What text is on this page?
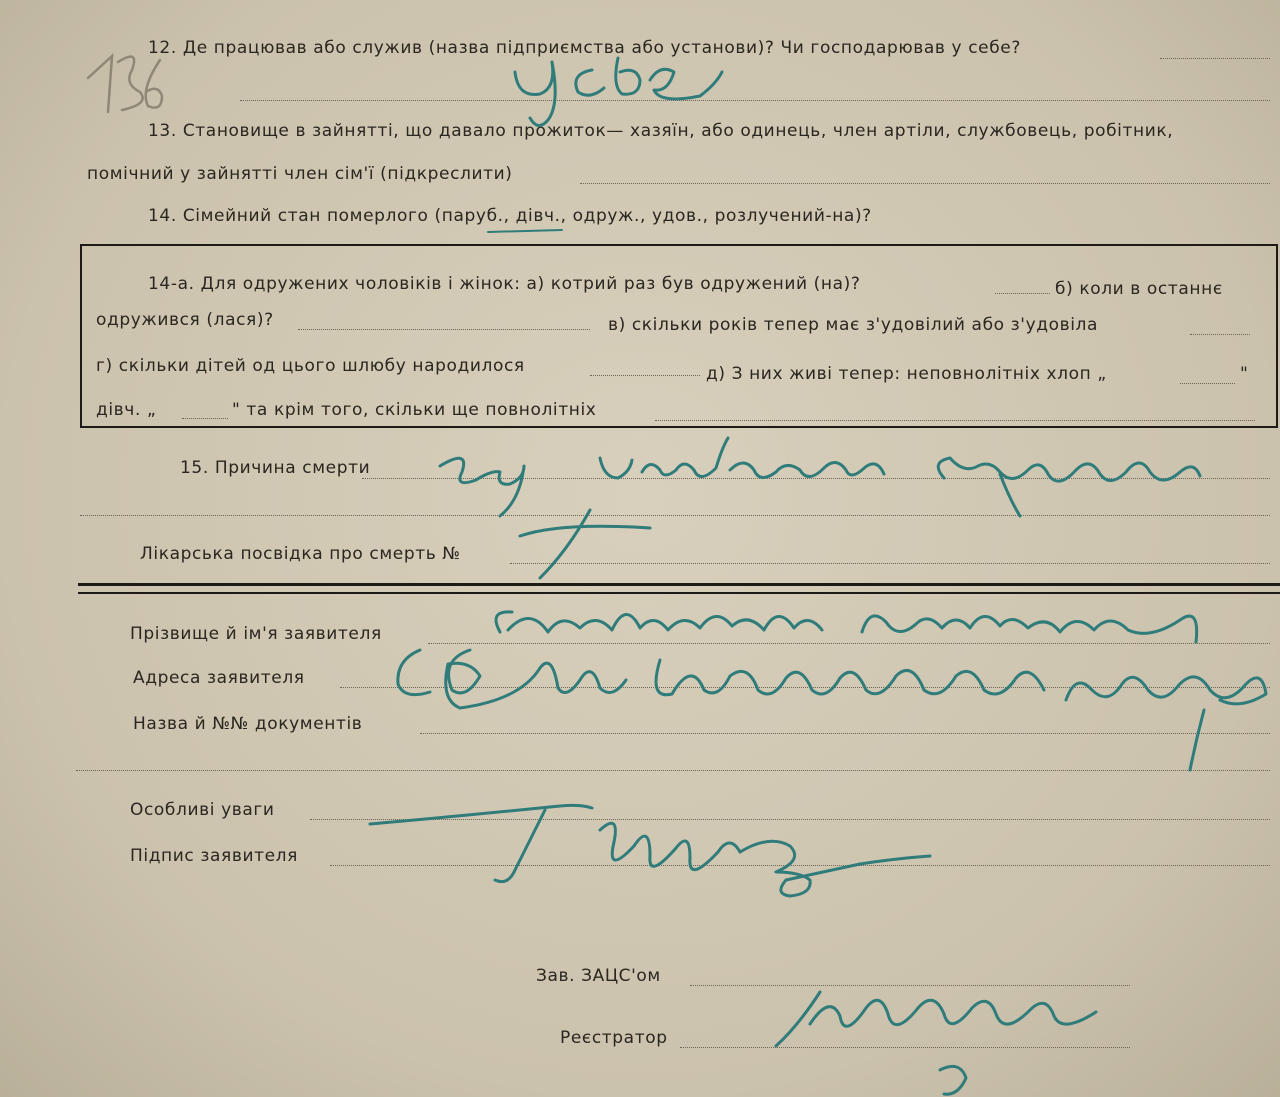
12. Де працював або служив (назва підприємства або установи)? Чи господарював у себе?
13. Становище в зайнятті, що давало прожиток— хазяїн, або одинець, член артіли, службовець, робітник,
помічний у зайнятті член сім'ї (підкреслити)
14. Сімейний стан померлого (паруб., дівч., одруж., удов., розлучений-на)?
14-а. Для одружених чоловіків і жінок: а) котрий раз був одружений (на)?	б) коли в останнє
одружився (лася)?	в) скільки років тепер має з'удовілий або з'удовіла
г) скільки дітей од цього шлюбу народилося	д) З них живі тепер: неповнолітніх хлоп „	"
дівч. „	" та крім того, скільки ще повнолітніх
15. Причина смерти
Лікарська посвідка про смерть №
Прізвище й ім'я заявителя
Адреса заявителя
Назва й №№ документів
Особливі уваги
Підпис заявителя
Зав. ЗАЦС'ом
Реєстратор
